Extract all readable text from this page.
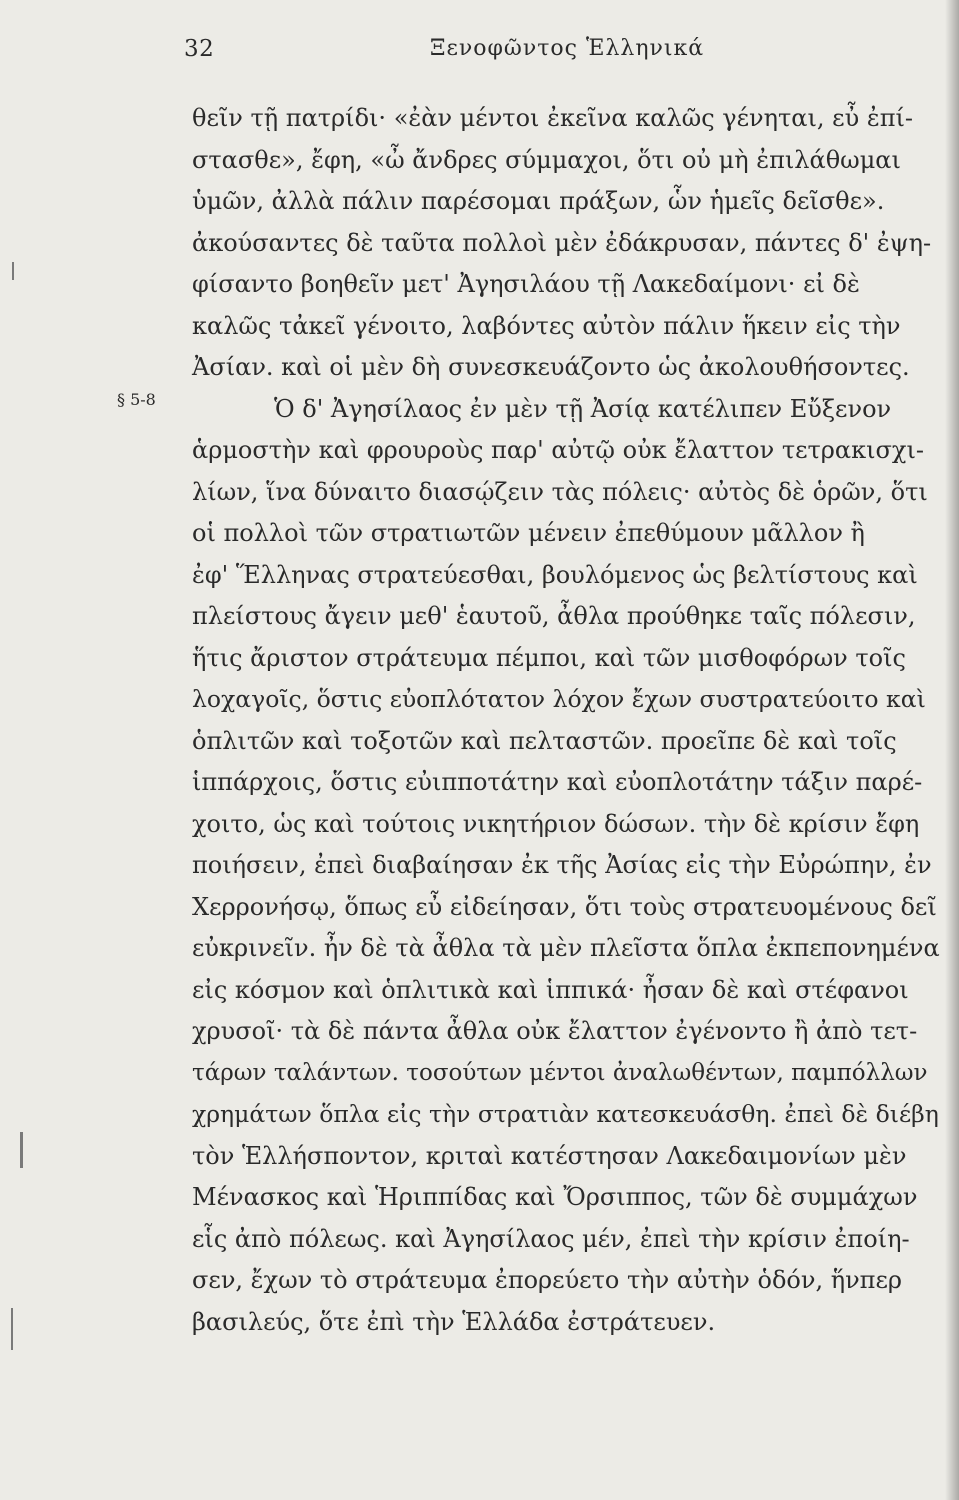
32	Ξενοφῶντος Ἑλληνικά
§ 5-8
θεῖν τῇ πατρίδι· «ἐὰν μέντοι ἐκεῖνα καλῶς γένηται, εὖ ἐπί-
στασθε», ἔφη, «ὦ ἄνδρες σύμμαχοι, ὅτι οὐ μὴ ἐπιλάθωμαι
ὑμῶν, ἀλλὰ πάλιν παρέσομαι πράξων, ὧν ἡμεῖς δεῖσθε».
ἀκούσαντες δὲ ταῦτα πολλοὶ μὲν ἐδάκρυσαν, πάντες δ' ἐψη-
φίσαντο βοηθεῖν μετ' Ἀγησιλάου τῇ Λακεδαίμονι· εἰ δὲ
καλῶς τἀκεῖ γένοιτο, λαβόντες αὐτὸν πάλιν ἥκειν εἰς τὴν
Ἀσίαν. καὶ οἱ μὲν δὴ συνεσκευάζοντο ὡς ἀκολουθήσοντες.
Ὁ δ' Ἀγησίλαος ἐν μὲν τῇ Ἀσίᾳ κατέλιπεν Εὔξενον
ἁρμοστὴν καὶ φρουροὺς παρ' αὐτῷ οὐκ ἔλαττον τετρακισχι-
λίων, ἵνα δύναιτο διασῴζειν τὰς πόλεις· αὐτὸς δὲ ὁρῶν, ὅτι
οἱ πολλοὶ τῶν στρατιωτῶν μένειν ἐπεθύμουν μᾶλλον ἢ
ἐφ' Ἕλληνας στρατεύεσθαι, βουλόμενος ὡς βελτίστους καὶ
πλείστους ἄγειν μεθ' ἑαυτοῦ, ἆθλα προύθηκε ταῖς πόλεσιν,
ἥτις ἄριστον στράτευμα πέμποι, καὶ τῶν μισθοφόρων τοῖς
λοχαγοῖς, ὅστις εὐοπλότατον λόχον ἔχων συστρατεύοιτο καὶ
ὁπλιτῶν καὶ τοξοτῶν καὶ πελταστῶν. προεῖπε δὲ καὶ τοῖς
ἱππάρχοις, ὅστις εὐιπποτάτην καὶ εὐοπλοτάτην τάξιν παρέ-
χοιτο, ὡς καὶ τούτοις νικητήριον δώσων. τὴν δὲ κρίσιν ἔφη
ποιήσειν, ἐπεὶ διαβαίησαν ἐκ τῆς Ἀσίας εἰς τὴν Εὐρώπην, ἐν
Χερρονήσῳ, ὅπως εὖ εἰδείησαν, ὅτι τοὺς στρατευομένους δεῖ
εὐκρινεῖν. ἦν δὲ τὰ ἆθλα τὰ μὲν πλεῖστα ὅπλα ἐκπεπονημένα
εἰς κόσμον καὶ ὁπλιτικὰ καὶ ἱππικά· ἦσαν δὲ καὶ στέφανοι
χρυσοῖ· τὰ δὲ πάντα ἆθλα οὐκ ἔλαττον ἐγένοντο ἢ ἀπὸ τετ-
τάρων ταλάντων. τοσούτων μέντοι ἀναλωθέντων, παμπόλλων
χρημάτων ὅπλα εἰς τὴν στρατιὰν κατεσκευάσθη. ἐπεὶ δὲ διέβη
τὸν Ἑλλήσποντον, κριταὶ κατέστησαν Λακεδαιμονίων μὲν
Μένασκος καὶ Ἡριππίδας καὶ Ὄρσιππος, τῶν δὲ συμμάχων
εἷς ἀπὸ πόλεως. καὶ Ἀγησίλαος μέν, ἐπεὶ τὴν κρίσιν ἐποίη-
σεν, ἔχων τὸ στράτευμα ἐπορεύετο τὴν αὐτὴν ὁδόν, ἥνπερ
βασιλεύς, ὅτε ἐπὶ τὴν Ἑλλάδα ἐστράτευεν.
